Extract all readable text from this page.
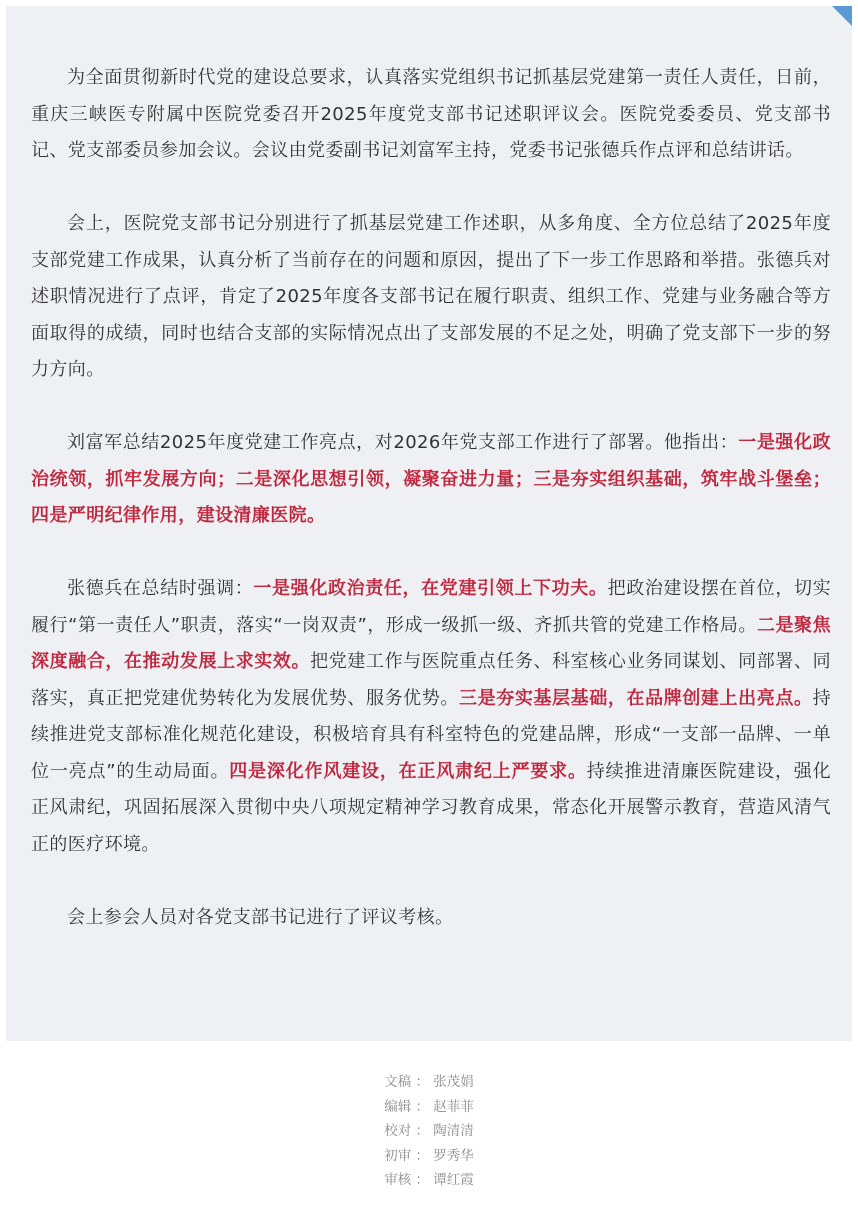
为全面贯彻新时代党的建设总要求，认真落实党组织书记抓基层党建第一责任人责任，日前，重庆三峡医专附属中医院党委召开2025年度党支部书记述职评议会。医院党委委员、党支部书记、党支部委员参加会议。会议由党委副书记刘富军主持，党委书记张德兵作点评和总结讲话。

会上，医院党支部书记分别进行了抓基层党建工作述职，从多角度、全方位总结了2025年度支部党建工作成果，认真分析了当前存在的问题和原因，提出了下一步工作思路和举措。张德兵对述职情况进行了点评，肯定了2025年度各支部书记在履行职责、组织工作、党建与业务融合等方面取得的成绩，同时也结合支部的实际情况点出了支部发展的不足之处，明确了党支部下一步的努力方向。

刘富军总结2025年度党建工作亮点，对2026年党支部工作进行了部署。他指出：一是强化政治统领，抓牢发展方向；二是深化思想引领，凝聚奋进力量；三是夯实组织基础，筑牢战斗堡垒；四是严明纪律作用，建设清廉医院。

张德兵在总结时强调：一是强化政治责任，在党建引领上下功夫。把政治建设摆在首位，切实履行“第一责任人”职责，落实“一岗双责”，形成一级抓一级、齐抓共管的党建工作格局。二是聚焦深度融合，在推动发展上求实效。把党建工作与医院重点任务、科室核心业务同谋划、同部署、同落实，真正把党建优势转化为发展优势、服务优势。三是夯实基层基础，在品牌创建上出亮点。持续推进党支部标准化规范化建设，积极培育具有科室特色的党建品牌，形成“一支部一品牌、一单位一亮点”的生动局面。四是深化作风建设，在正风肃纪上严要求。持续推进清廉医院建设，强化正风肃纪，巩固拓展深入贯彻中央八项规定精神学习教育成果，常态化开展警示教育，营造风清气正的医疗环境。

会上参会人员对各党支部书记进行了评议考核。

文稿 ： 张茂娟
编辑 ： 赵菲菲
校对 ： 陶清清
初审 ： 罗秀华
审核 ： 谭红霞
